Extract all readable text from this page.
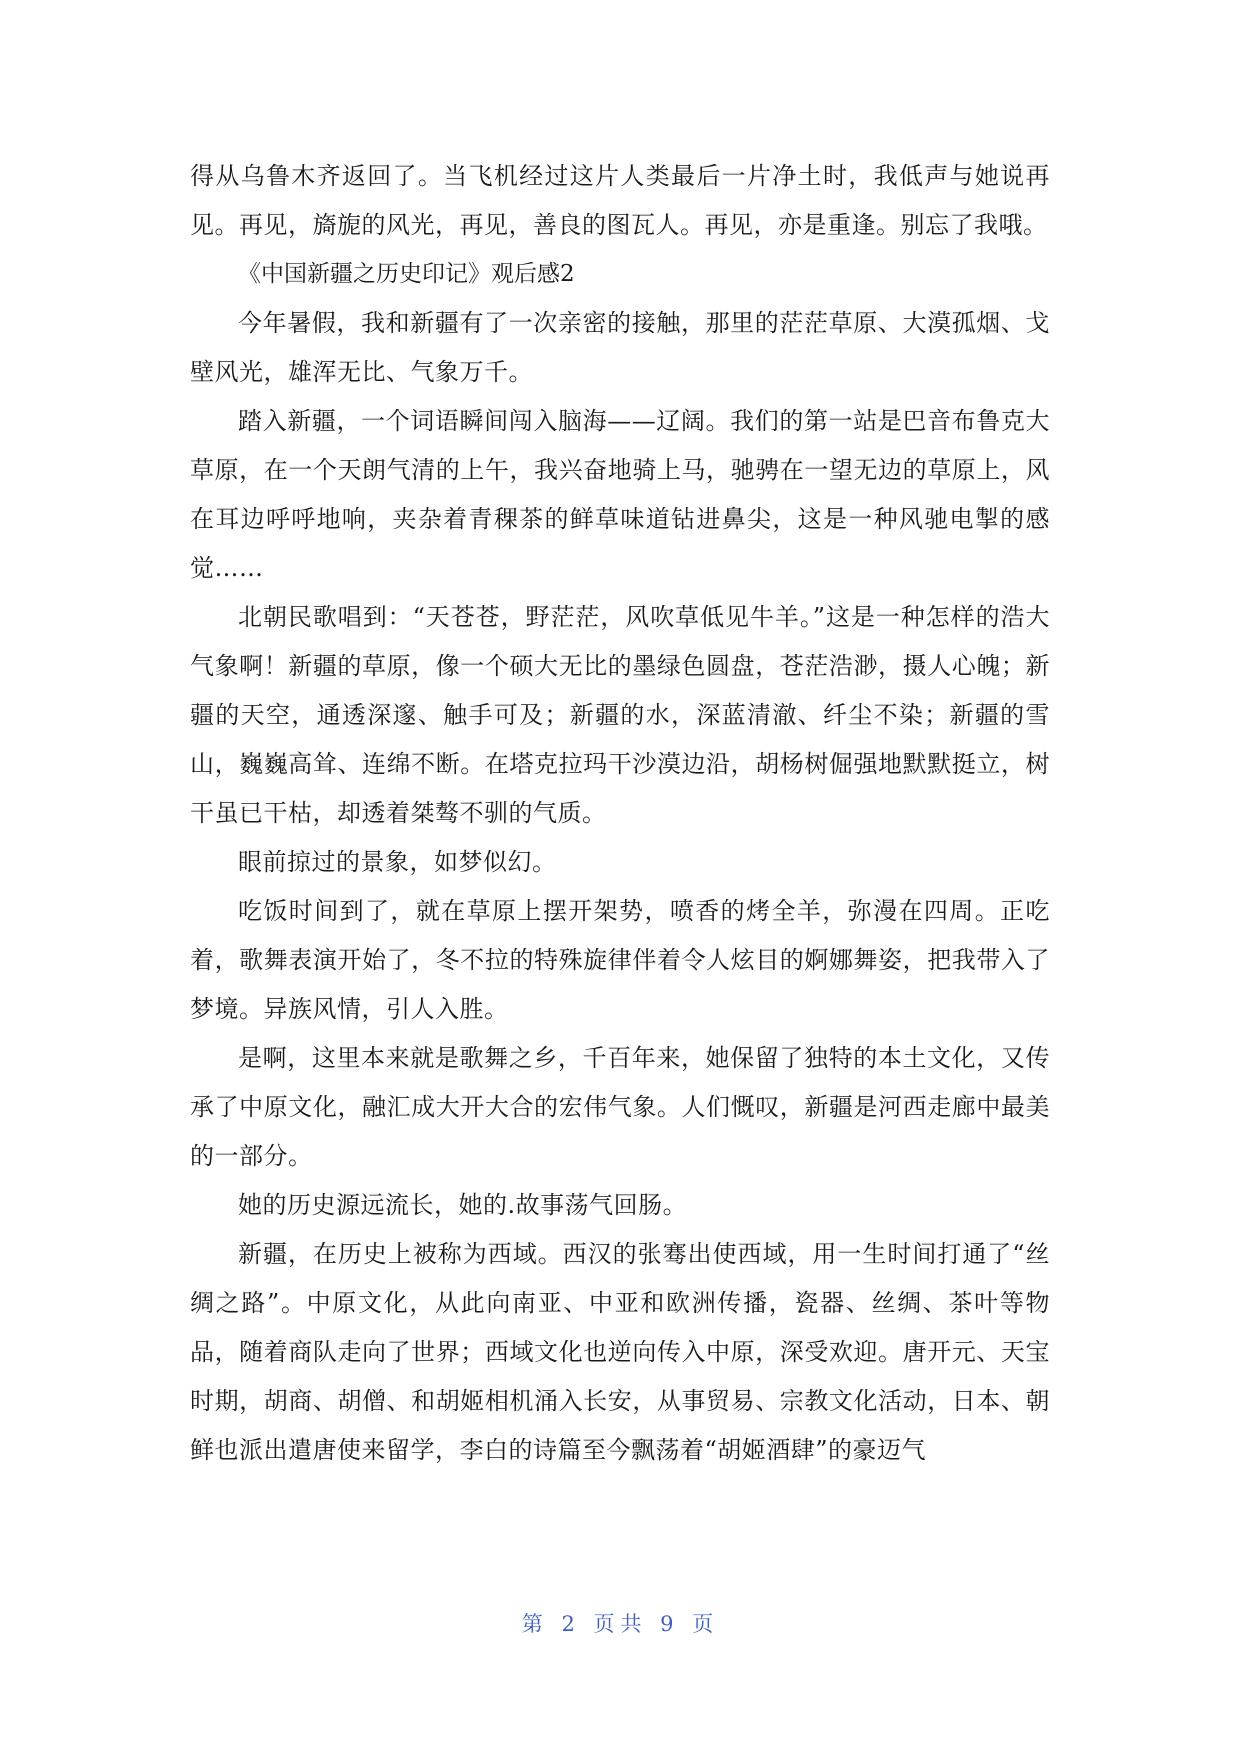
得从乌鲁木齐返回了。当飞机经过这片人类最后一片净土时，我低声与她说再见。再见，旖旎的风光，再见，善良的图瓦人。再见，亦是重逢。别忘了我哦。

《中国新疆之历史印记》观后感2

今年暑假，我和新疆有了一次亲密的接触，那里的茫茫草原、大漠孤烟、戈壁风光，雄浑无比、气象万千。

踏入新疆，一个词语瞬间闯入脑海——辽阔。我们的第一站是巴音布鲁克大草原，在一个天朗气清的上午，我兴奋地骑上马，驰骋在一望无边的草原上，风在耳边呼呼地响，夹杂着青稞茶的鲜草味道钻进鼻尖，这是一种风驰电掣的感觉……

北朝民歌唱到：“天苍苍，野茫茫，风吹草低见牛羊。”这是一种怎样的浩大气象啊！新疆的草原，像一个硕大无比的墨绿色圆盘，苍茫浩渺，摄人心魄；新疆的天空，通透深邃、触手可及；新疆的水，深蓝清澈、纤尘不染；新疆的雪山，巍巍高耸、连绵不断。在塔克拉玛干沙漠边沿，胡杨树倔强地默默挺立，树干虽已干枯，却透着桀骜不驯的气质。

眼前掠过的景象，如梦似幻。

吃饭时间到了，就在草原上摆开架势，喷香的烤全羊，弥漫在四周。正吃着，歌舞表演开始了，冬不拉的特殊旋律伴着令人炫目的婀娜舞姿，把我带入了梦境。异族风情，引人入胜。

是啊，这里本来就是歌舞之乡，千百年来，她保留了独特的本土文化，又传承了中原文化，融汇成大开大合的宏伟气象。人们慨叹，新疆是河西走廊中最美的一部分。

她的历史源远流长，她的.故事荡气回肠。

新疆，在历史上被称为西域。西汉的张骞出使西域，用一生时间打通了“丝绸之路”。中原文化，从此向南亚、中亚和欧洲传播，瓷器、丝绸、茶叶等物品，随着商队走向了世界；西域文化也逆向传入中原，深受欢迎。唐开元、天宝时期，胡商、胡僧、和胡姬相机涌入长安，从事贸易、宗教文化活动，日本、朝鲜也派出遣唐使来留学，李白的诗篇至今飘荡着“胡姬酒肆”的豪迈气

第 2 页共 9 页
